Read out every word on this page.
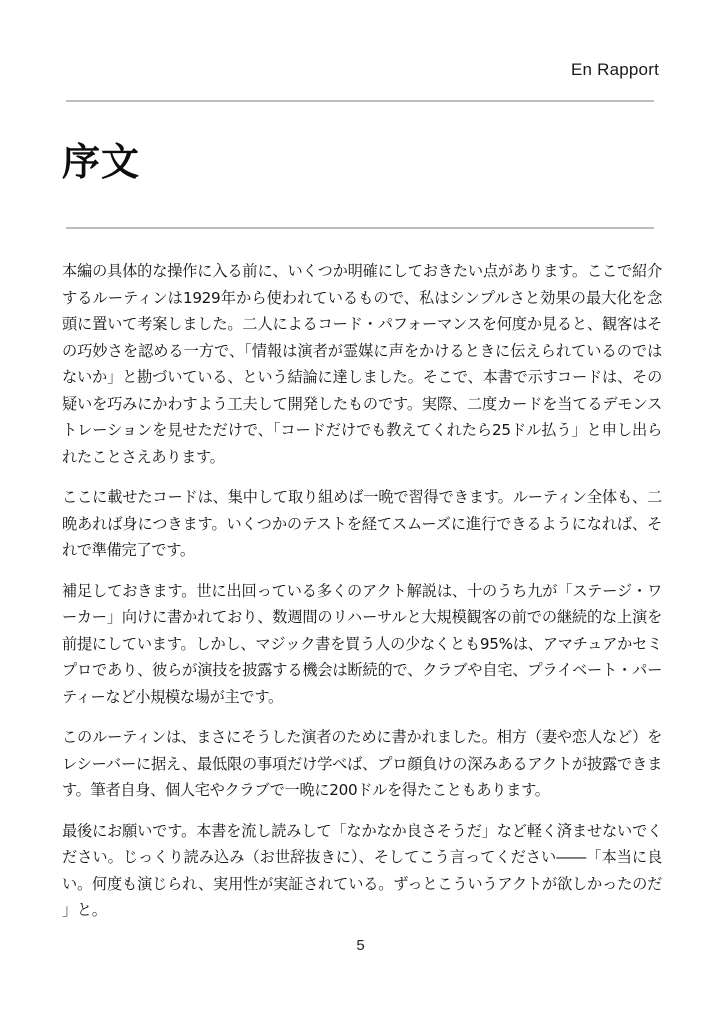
En Rapport
序文

本編の具体的な操作に入る前に、いくつか明確にしておきたい点があります。ここで紹介するルーティンは1929年から使われているもので、私はシンプルさと効果の最大化を念頭に置いて考案しました。二人によるコード・パフォーマンスを何度か見ると、観客はその巧妙さを認める一方で、「情報は演者が霊媒に声をかけるときに伝えられているのではないか」と勘づいている、という結論に達しました。そこで、本書で示すコードは、その疑いを巧みにかわすよう工夫して開発したものです。実際、二度カードを当てるデモンストレーションを見せただけで、「コードだけでも教えてくれたら25ドル払う」と申し出られたことさえあります。

ここに載せたコードは、集中して取り組めば一晩で習得できます。ルーティン全体も、二晩あれば身につきます。いくつかのテストを経てスムーズに進行できるようになれば、それで準備完了です。

補足しておきます。世に出回っている多くのアクト解説は、十のうち九が「ステージ・ワーカー」向けに書かれており、数週間のリハーサルと大規模観客の前での継続的な上演を前提にしています。しかし、マジック書を買う人の少なくとも95%は、アマチュアかセミプロであり、彼らが演技を披露する機会は断続的で、クラブや自宅、プライベート・パーティーなど小規模な場が主です。

このルーティンは、まさにそうした演者のために書かれました。相方（妻や恋人など）をレシーバーに据え、最低限の事項だけ学べば、プロ顔負けの深みあるアクトが披露できます。筆者自身、個人宅やクラブで一晩に200ドルを得たこともあります。

最後にお願いです。本書を流し読みして「なかなか良さそうだ」など軽く済ませないでください。じっくり読み込み（お世辞抜きに）、そしてこう言ってください――「本当に良い。何度も演じられ、実用性が実証されている。ずっとこういうアクトが欲しかったのだ」と。

5
